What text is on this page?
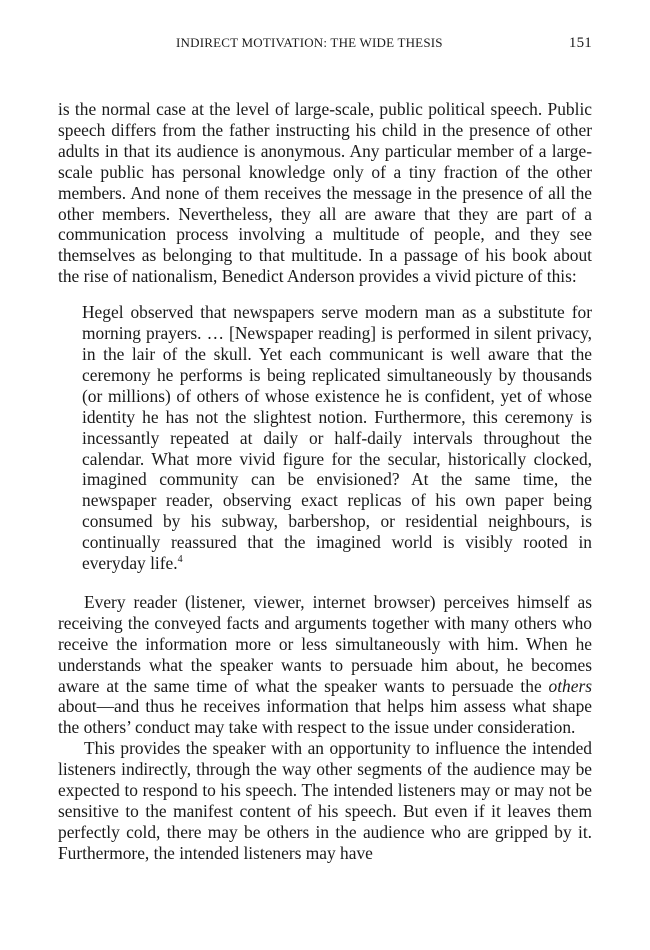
INDIRECT MOTIVATION: THE WIDE THESIS	151

is the normal case at the level of large-scale, public political speech. Public speech differs from the father instructing his child in the presence of other adults in that its audience is anonymous. Any particular member of a large-scale public has personal knowledge only of a tiny fraction of the other members. And none of them receives the message in the presence of all the other members. Nevertheless, they all are aware that they are part of a communication process involving a multitude of people, and they see themselves as belonging to that multitude. In a passage of his book about the rise of nationalism, Benedict Anderson provides a vivid picture of this:

Hegel observed that newspapers serve modern man as a substitute for morning prayers. … [Newspaper reading] is performed in silent privacy, in the lair of the skull. Yet each communicant is well aware that the ceremony he performs is being replicated simultaneously by thousands (or millions) of others of whose existence he is confident, yet of whose identity he has not the slightest notion. Furthermore, this ceremony is incessantly repeated at daily or half-daily intervals throughout the calendar. What more vivid figure for the secular, historically clocked, imagined community can be envisioned? At the same time, the newspaper reader, observing exact replicas of his own paper being consumed by his subway, barbershop, or residential neighbours, is continually reassured that the imagined world is visibly rooted in everyday life.$^4$

Every reader (listener, viewer, internet browser) perceives himself as receiving the conveyed facts and arguments together with many others who receive the information more or less simultaneously with him. When he understands what the speaker wants to persuade him about, he becomes aware at the same time of what the speaker wants to persuade the others about—and thus he receives information that helps him assess what shape the others’ conduct may take with respect to the issue under consideration.

This provides the speaker with an opportunity to influence the intended listeners indirectly, through the way other segments of the audience may be expected to respond to his speech. The intended listeners may or may not be sensitive to the manifest content of his speech. But even if it leaves them perfectly cold, there may be others in the audience who are gripped by it. Furthermore, the intended listeners may have
